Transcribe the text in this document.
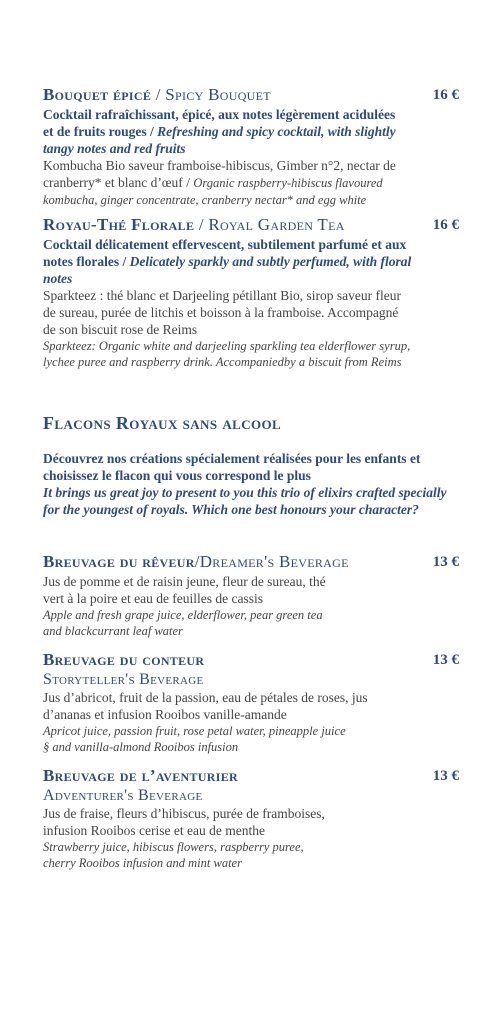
Bouquet épicé / Spicy Bouquet	16 €
Cocktail rafraîchissant, épicé, aux notes légèrement acidulées et de fruits rouges / Refreshing and spicy cocktail, with slightly tangy notes and red fruits
Kombucha Bio saveur framboise-hibiscus, Gimber n°2, nectar de cranberry* et blanc d’œuf / Organic raspberry-hibiscus flavoured kombucha, ginger concentrate, cranberry nectar* and egg white
Royau-Thé Florale / Royal Garden Tea	16 €
Cocktail délicatement effervescent, subtilement parfumé et aux notes florales / Delicately sparkly and subtly perfumed, with floral notes
Sparkteez : thé blanc et Darjeeling pétillant Bio, sirop saveur fleur de sureau, purée de litchis et boisson à la framboise. Accompagné de son biscuit rose de Reims
Sparkteez: Organic white and darjeeling sparkling tea elderflower syrup, lychee puree and raspberry drink. Accompaniedby a biscuit from Reims
Flacons Royaux sans alcool
Découvrez nos créations spécialement réalisées pour les enfants et choisissez le flacon qui vous correspond le plus
It brings us great joy to present to you this trio of elixirs crafted specially for the youngest of royals. Which one best honours your character?
Breuvage du rêveur/Dreamer's Beverage	13 €
Jus de pomme et de raisin jeune, fleur de sureau, thé vert à la poire et eau de feuilles de cassis
Apple and fresh grape juice, elderflower, pear green tea and blackcurrant leaf water
Breuvage du conteur	13 €
Storyteller's Beverage
Jus d’abricot, fruit de la passion, eau de pétales de roses, jus d’ananas et infusion Rooibos vanille-amande
Apricot juice, passion fruit, rose petal water, pineapple juice § and vanilla-almond Rooibos infusion
Breuvage de l’aventurier	13 €
Adventurer's Beverage
Jus de fraise, fleurs d’hibiscus, purée de framboises, infusion Rooibos cerise et eau de menthe
Strawberry juice, hibiscus flowers, raspberry puree, cherry Rooibos infusion and mint water
